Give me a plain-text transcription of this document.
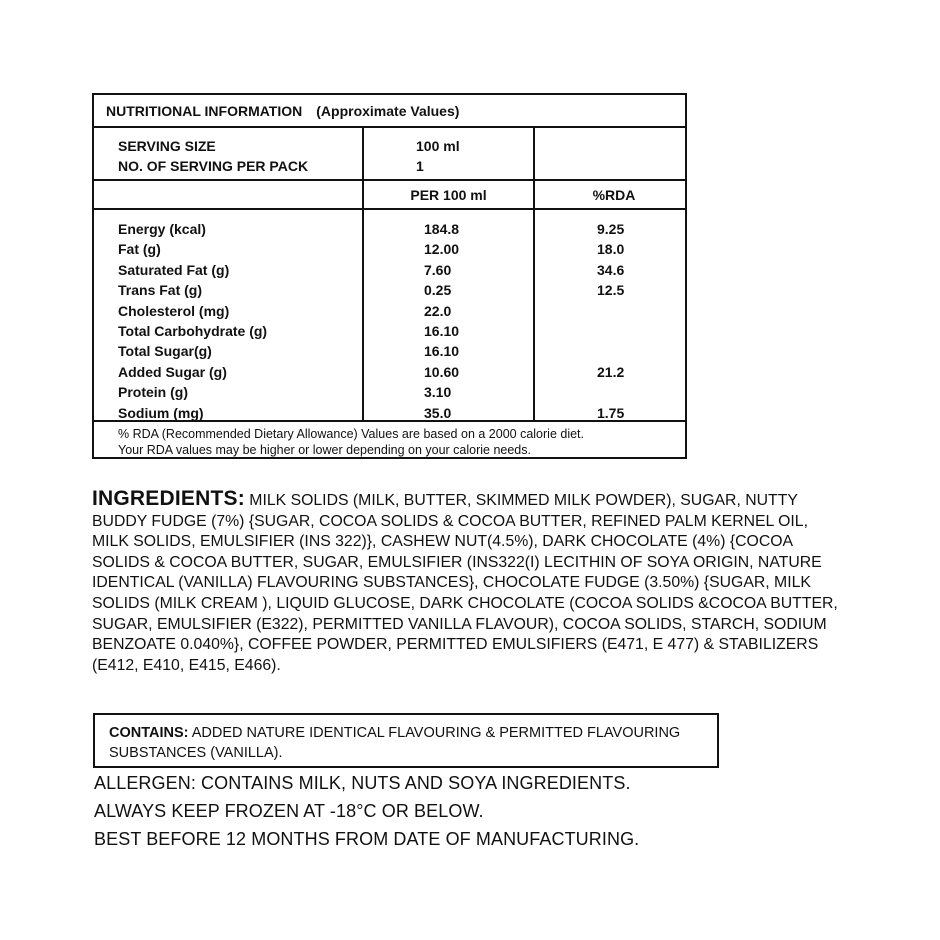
NUTRITIONAL INFORMATION (Approximate Values)
SERVING SIZE
NO. OF SERVING PER PACK
100 ml
1
PER 100 ml	%RDA
Energy (kcal)
Fat (g)
Saturated Fat (g)
Trans Fat (g)
Cholesterol (mg)
Total Carbohydrate (g)
Total Sugar(g)
Added Sugar (g)
Protein (g)
Sodium (mg)
184.8
12.00
7.60
0.25
22.0
16.10
16.10
10.60
3.10
35.0
9.25
18.0
34.6
12.5

21.2

1.75
% RDA (Recommended Dietary Allowance) Values are based on a 2000 calorie diet.
Your RDA values may be higher or lower depending on your calorie needs.
INGREDIENTS: MILK SOLIDS (MILK, BUTTER, SKIMMED MILK POWDER), SUGAR, NUTTY
BUDDY FUDGE (7%) {SUGAR, COCOA SOLIDS & COCOA BUTTER, REFINED PALM KERNEL OIL,
MILK SOLIDS, EMULSIFIER (INS 322)}, CASHEW NUT(4.5%), DARK CHOCOLATE (4%) {COCOA
SOLIDS & COCOA BUTTER, SUGAR, EMULSIFIER (INS322(I) LECITHIN OF SOYA ORIGIN, NATURE
IDENTICAL (VANILLA) FLAVOURING SUBSTANCES}, CHOCOLATE FUDGE (3.50%) {SUGAR, MILK
SOLIDS (MILK CREAM ), LIQUID GLUCOSE, DARK CHOCOLATE (COCOA SOLIDS &COCOA BUTTER,
SUGAR, EMULSIFIER (E322), PERMITTED VANILLA FLAVOUR), COCOA SOLIDS, STARCH, SODIUM
BENZOATE 0.040%}, COFFEE POWDER, PERMITTED EMULSIFIERS (E471, E 477) & STABILIZERS
(E412, E410, E415, E466).
CONTAINS: ADDED NATURE IDENTICAL FLAVOURING & PERMITTED FLAVOURING
SUBSTANCES (VANILLA).
ALLERGEN: CONTAINS MILK, NUTS AND SOYA INGREDIENTS.
ALWAYS KEEP FROZEN AT -18°C OR BELOW.
BEST BEFORE 12 MONTHS FROM DATE OF MANUFACTURING.
